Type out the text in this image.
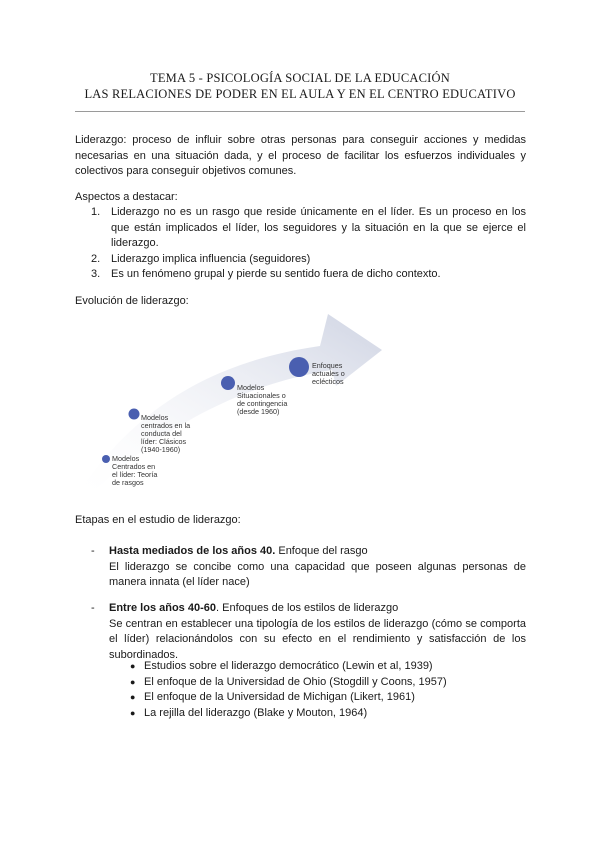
TEMA 5 - PSICOLOGÍA SOCIAL DE LA EDUCACIÓN
LAS RELACIONES DE PODER EN EL AULA Y EN EL CENTRO EDUCATIVO
Liderazgo: proceso de influir sobre otras personas para conseguir acciones y medidas
necesarias en una situación dada, y el proceso de facilitar los esfuerzos individuales y
colectivos para conseguir objetivos comunes.
Aspectos a destacar:
1. Liderazgo no es un rasgo que reside únicamente en el líder. Es un proceso en los
que están implicados el líder, los seguidores y la situación en la que se ejerce el
liderazgo.
2. Liderazgo implica influencia (seguidores)
3. Es un fenómeno grupal y pierde su sentido fuera de dicho contexto.
Evolución de liderazgo:
Modelos Centrados en el líder: Teoría de rasgos
Modelos centrados en la conducta del líder: Clásicos (1940-1960)
Modelos Situacionales o de contingencia (desde 1960)
Enfoques actuales o eclécticos
Etapas en el estudio de liderazgo:
- Hasta mediados de los años 40. Enfoque del rasgo
El liderazgo se concibe como una capacidad que poseen algunas personas de
manera innata (el líder nace)
- Entre los años 40-60. Enfoques de los estilos de liderazgo
Se centran en establecer una tipología de los estilos de liderazgo (cómo se comporta
el líder) relacionándolos con su efecto en el rendimiento y satisfacción de los
subordinados.
● Estudios sobre el liderazgo democrático (Lewin et al, 1939)
● El enfoque de la Universidad de Ohio (Stogdill y Coons, 1957)
● El enfoque de la Universidad de Michigan (Likert, 1961)
● La rejilla del liderazgo (Blake y Mouton, 1964)
